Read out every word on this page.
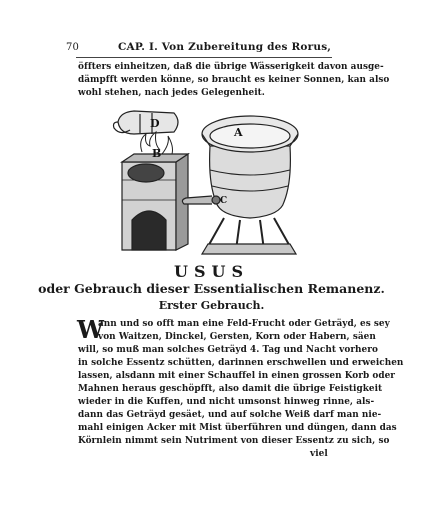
70	CAP. I. Von Zubereitung des Rorus,
öffters einheitzen, daß die übrige Wässerigkeit davon ausge-
dämpfft werden könne, so braucht es keiner Sonnen, kan also
wohl stehen, nach jedes Gelegenheit.
D
B
A
C
USUS
oder Gebrauch dieser Essentialischen Remanenz.
Erster Gebrauch.
W
ann und so offt man eine Feld-Frucht oder Geträyd, es sey
von Waitzen, Dinckel, Gersten, Korn oder Habern, säen
will, so muß man solches Geträyd 4. Tag und Nacht vorhero
in solche Essentz schütten, darinnen erschwellen und erweichen
lassen, alsdann mit einer Schauffel in einen grossen Korb oder
Mahnen heraus geschöpfft, also damit die übrige Feistigkeit
wieder in die Kuffen, und nicht umsonst hinweg rinne, als-
dann das Geträyd gesäet, und auf solche Weiß darf man nie-
mahl einigen Acker mit Mist überführen und düngen, dann das
Körnlein nimmt sein Nutriment von dieser Essentz zu sich, so
viel
